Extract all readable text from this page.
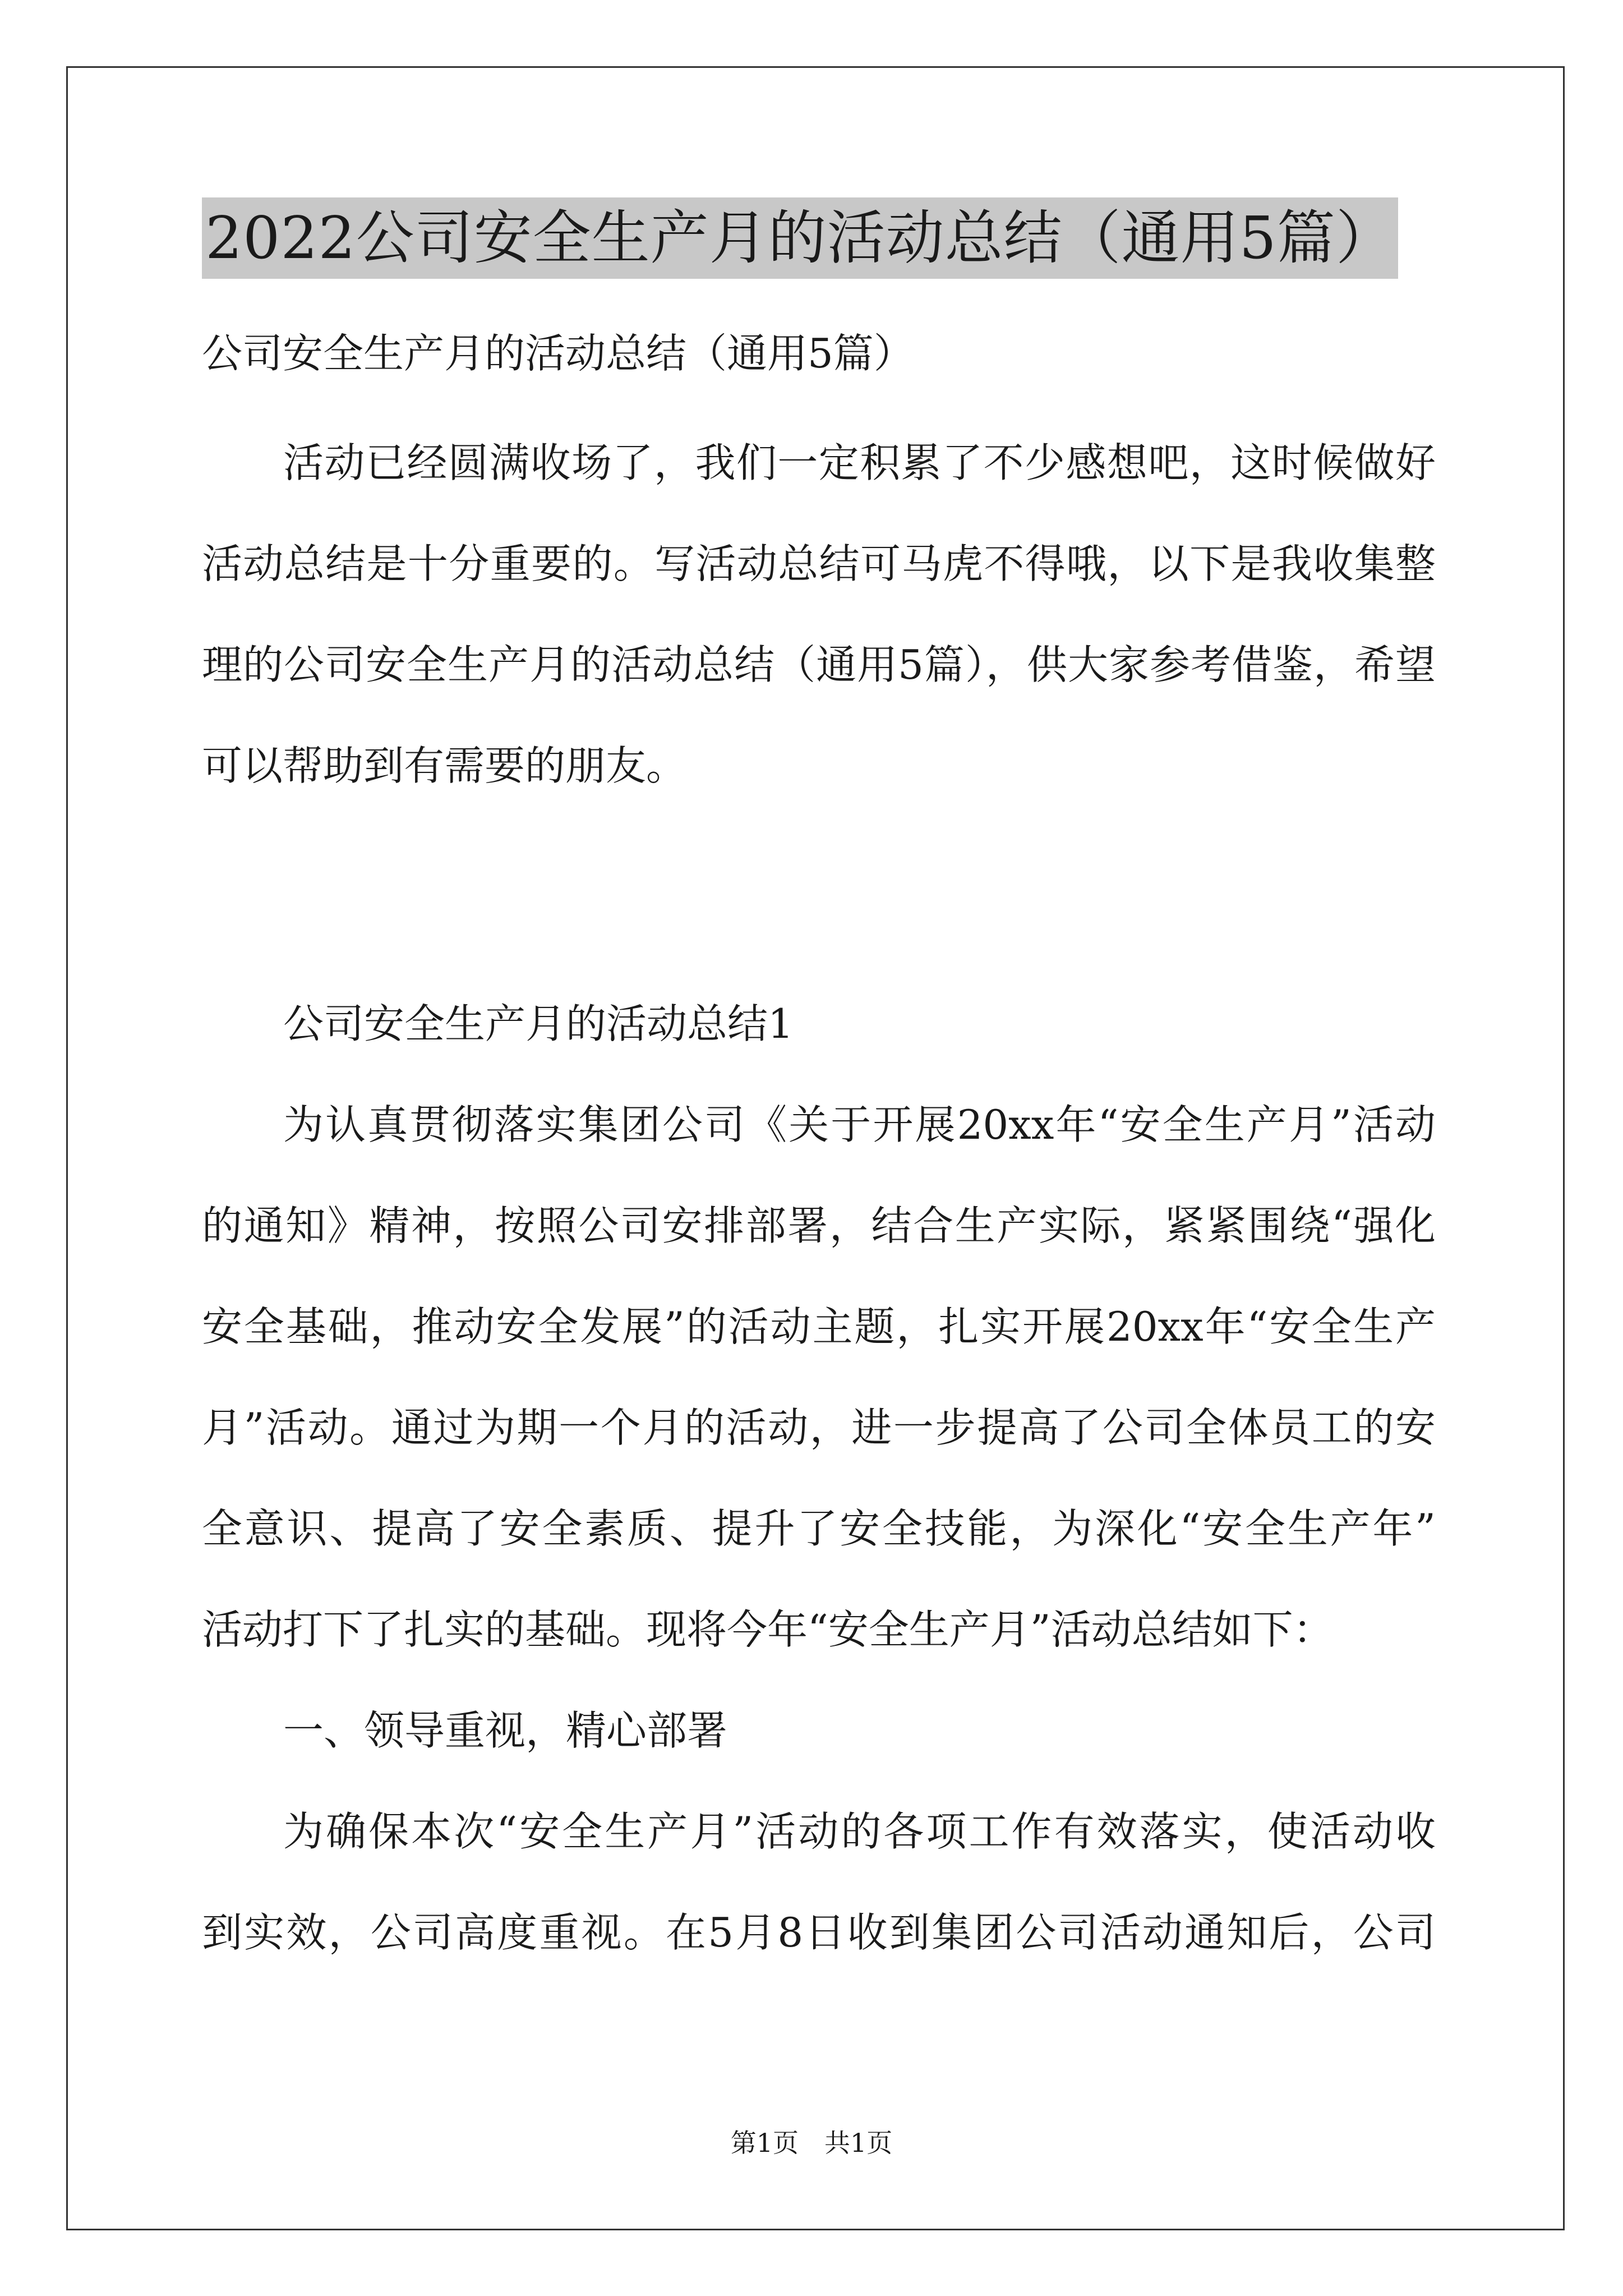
2022公司安全生产月的活动总结（通用5篇）
公司安全生产月的活动总结（通用5篇）
活动已经圆满收场了，我们一定积累了不少感想吧，这时候做好
活动总结是十分重要的。写活动总结可马虎不得哦，以下是我收集整
理的公司安全生产月的活动总结（通用5篇），供大家参考借鉴，希望
可以帮助到有需要的朋友。
公司安全生产月的活动总结1
为认真贯彻落实集团公司《关于开展20xx年“安全生产月”活动
的通知》精神，按照公司安排部署，结合生产实际，紧紧围绕“强化
安全基础，推动安全发展”的活动主题，扎实开展20xx年“安全生产
月”活动。通过为期一个月的活动，进一步提高了公司全体员工的安
全意识、提高了安全素质、提升了安全技能，为深化“安全生产年”
活动打下了扎实的基础。现将今年“安全生产月”活动总结如下：
一、领导重视，精心部署
为确保本次“安全生产月”活动的各项工作有效落实，使活动收
到实效，公司高度重视。在5月8日收到集团公司活动通知后，公司
第1页　共1页
